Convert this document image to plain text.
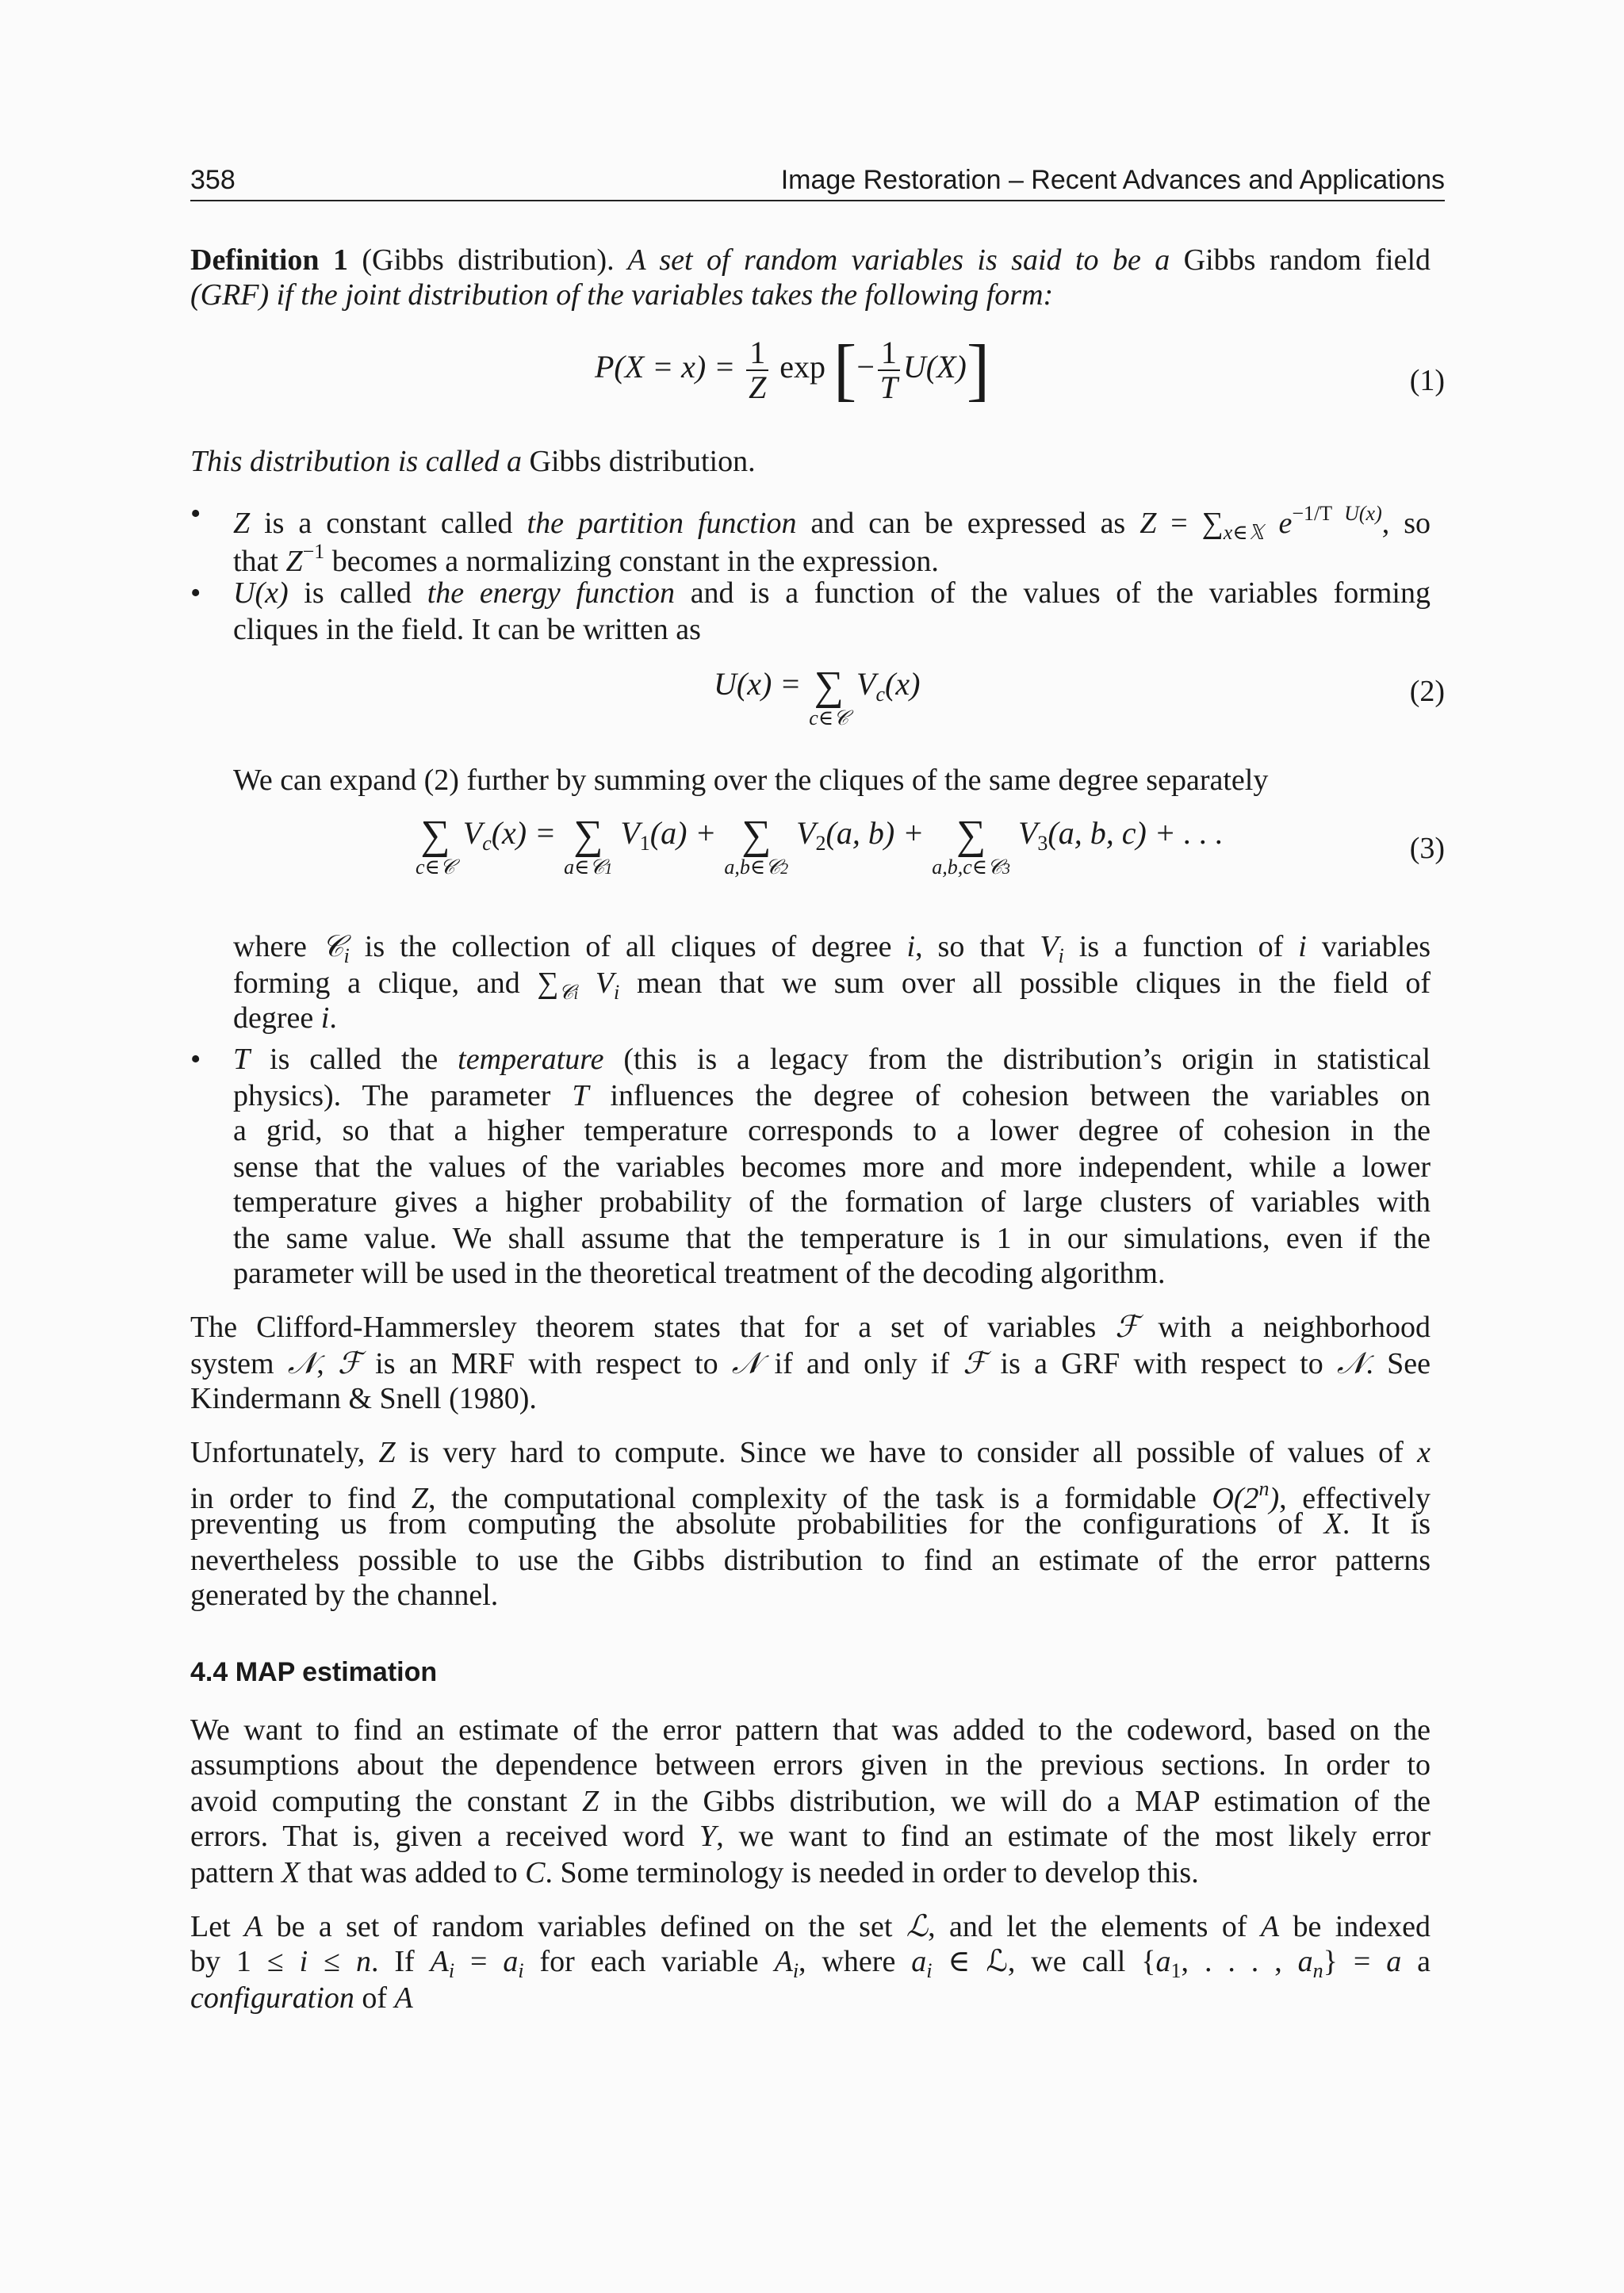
358	Image Restoration – Recent Advances and Applications
Definition 1 (Gibbs distribution). A set of random variables is said to be a Gibbs random field
(GRF) if the joint distribution of the variables takes the following form:
$P(X = x) = \frac{1}{Z}$ exp [− $\frac{1}{T} U(X)$]	(1)
This distribution is called a Gibbs distribution.
• Z is a constant called the partition function and can be expressed as $Z = \sum_{x\in 𝕏}$ $e^{-1/T U(x)}$, so
that $Z^{-1}$ becomes a normalizing constant in the expression.
• U(x) is called the energy function and is a function of the values of the variables forming
cliques in the field. It can be written as
U(x) = ∑
c∈𝒞
$V_c(x)$	(2)
We can expand (2) further by summing over the cliques of the same degree separately
∑
c∈𝒞
$V_c(x)$ = ∑
a∈𝒞1
$V_1(a)$ + ∑
a,b∈𝒞2
$V_2(a$, b) + ∑
a,b,c∈𝒞3
$V_3(a$, b, c) + . . .	(3)
where 𝒞$_i$ is the collection of all cliques of degree i, so that $V_i$ is a function of i variables
forming a clique, and $\sum_{𝒞i}$ $V_i$ mean that we sum over all possible cliques in the field of
degree i.
• T is called the temperature (this is a legacy from the distribution’s origin in statistical
physics). The parameter T influences the degree of cohesion between the variables on
a grid, so that a higher temperature corresponds to a lower degree of cohesion in the
sense that the values of the variables becomes more and more independent, while a lower
temperature gives a higher probability of the formation of large clusters of variables with
the same value. We shall assume that the temperature is 1 in our simulations, even if the
parameter will be used in the theoretical treatment of the decoding algorithm.
The Clifford-Hammersley theorem states that for a set of variables ℱ with a neighborhood
system 𝒩, ℱ is an MRF with respect to 𝒩 if and only if ℱ is a GRF with respect to 𝒩. See
Kindermann & Snell (1980).
Unfortunately, Z is very hard to compute. Since we have to consider all possible of values of x
in order to find Z, the computational complexity of the task is a formidable O(2$^n$), effectively
preventing us from computing the absolute probabilities for the configurations of X. It is
nevertheless possible to use the Gibbs distribution to find an estimate of the error patterns
generated by the channel.
4.4 MAP estimation
We want to find an estimate of the error pattern that was added to the codeword, based on the
assumptions about the dependence between errors given in the previous sections. In order to
avoid computing the constant Z in the Gibbs distribution, we will do a MAP estimation of the
errors. That is, given a received word Y, we want to find an estimate of the most likely error
pattern X that was added to C. Some terminology is needed in order to develop this.
Let A be a set of random variables defined on the set ℒ, and let the elements of A be indexed
by 1 ≤ i ≤ n. If $A_i = a_i$ for each variable $A_i$, where $a_i$ ∈ ℒ, we call {$a_1$, . . . , $a_n\} = a$ a
configuration of A
